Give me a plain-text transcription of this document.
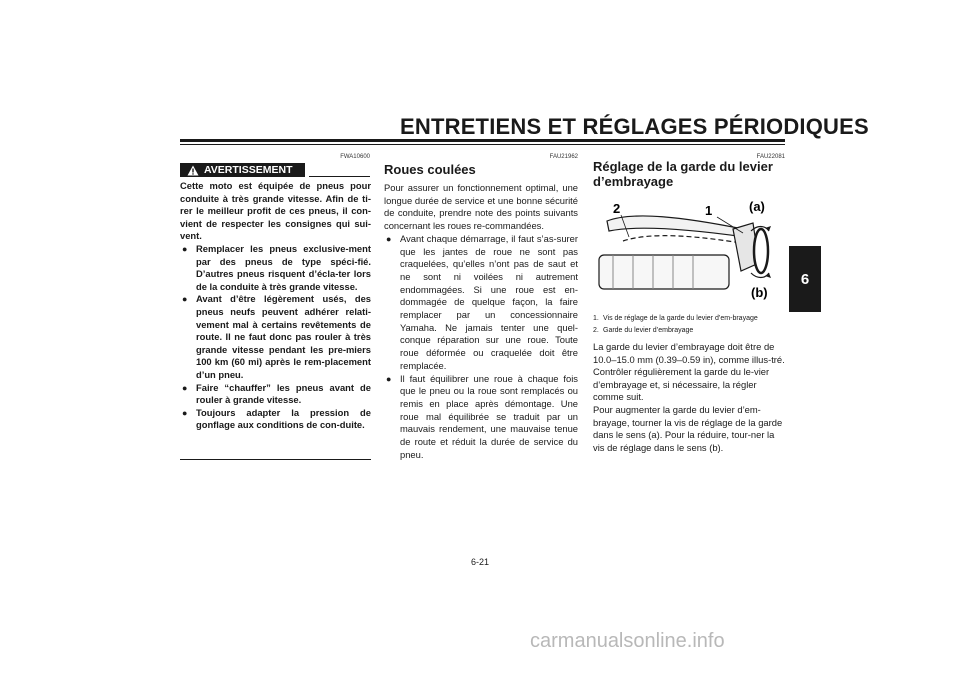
ENTRETIENS ET RÉGLAGES PÉRIODIQUES
6
FWA10600
AVERTISSEMENT

Cette moto est équipée de pneus pour conduite à très grande vitesse. Afin de ti-rer le meilleur profit de ces pneus, il con-vient de respecter les consignes qui sui-vent.

● Remplacer les pneus exclusive-ment par des pneus de type spéci-fié. D’autres pneus risquent d’écla-ter lors de la conduite à très grande vitesse.
● Avant d’être légèrement usés, des pneus neufs peuvent adhérer relati-vement mal à certains revêtements de route. Il ne faut donc pas rouler à très grande vitesse pendant les pre-miers 100 km (60 mi) après le rem-placement d’un pneu.
● Faire “chauffer” les pneus avant de rouler à grande vitesse.
● Toujours adapter la pression de gonflage aux conditions de con-duite.
FAU21962
Roues coulées

Pour assurer un fonctionnement optimal, une longue durée de service et une bonne sécurité de conduite, prendre note des points suivants concernant les roues re-commandées.

● Avant chaque démarrage, il faut s’as-surer que les jantes de roue ne sont pas craquelées, qu’elles n’ont pas de saut et ne sont ni voilées ni autrement endommagées. Si une roue est en-dommagée de quelque façon, la faire remplacer par un concessionnaire Yamaha. Ne jamais tenter une quel-conque réparation sur une roue. Toute roue déformée ou craquelée doit être remplacée.
● Il faut équilibrer une roue à chaque fois que le pneu ou la roue sont remplacés ou remis en place après démontage. Une roue mal équilibrée se traduit par un mauvais rendement, une mauvaise tenue de route et réduit la durée de service du pneu.
FAU22081
Réglage de la garde du levier
d’embrayage
2	1	(a)
(b)
1. Vis de réglage de la garde du levier d’em-brayage
2. Garde du levier d’embrayage

La garde du levier d’embrayage doit être de 10.0–15.0 mm (0.39–0.59 in), comme illus-tré. Contrôler régulièrement la garde du le-vier d’embrayage et, si nécessaire, la régler comme suit.

Pour augmenter la garde du levier d’em-brayage, tourner la vis de réglage de la garde dans le sens (a). Pour la réduire, tour-ner la vis de réglage dans le sens (b).

6-21
carmanualsonline.info
